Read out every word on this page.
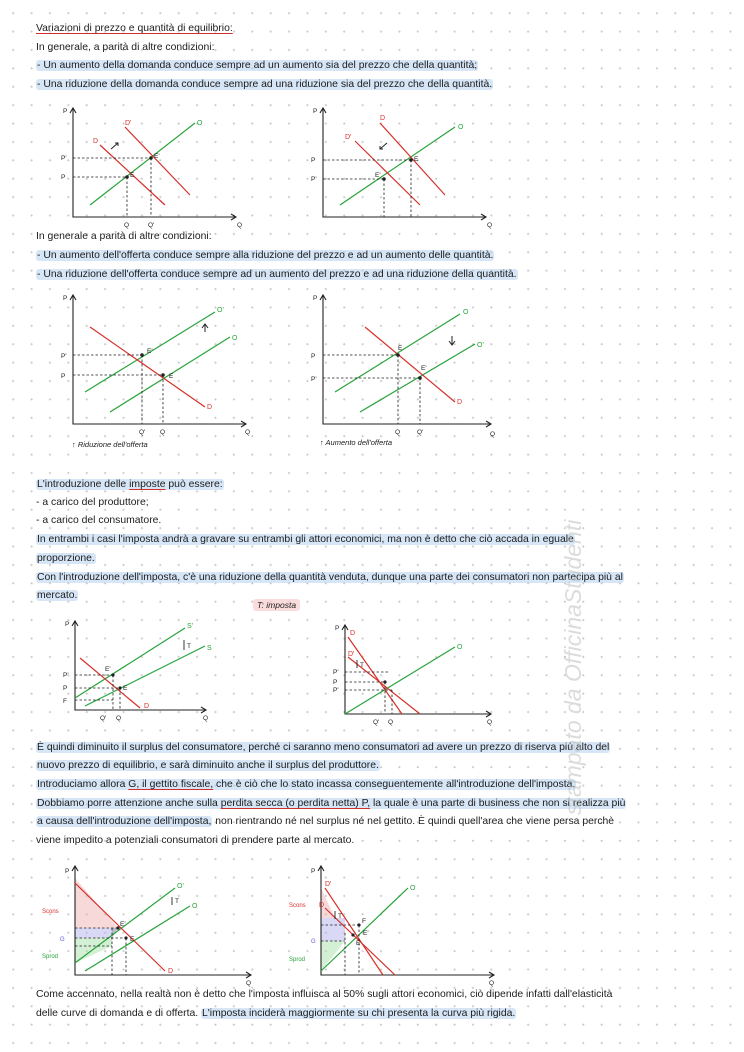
Variazioni di prezzo e quantità di equilibrio:
In generale, a parità di altre condizioni:
- Un aumento della domanda conduce sempre ad un aumento sia del prezzo che della quantità;
- Una riduzione della domanda conduce sempre ad una riduzione sia del prezzo che della quantità.
P
Q
O
D
D'
E'
E
P'
P
Q	Q'
P
Q
O
D'
D
E
E'
P
P'
In generale a parità di altre condizioni:
- Un aumento dell'offerta conduce sempre alla riduzione del prezzo e ad un aumento delle quantità.
- Una riduzione dell'offerta conduce sempre ad un aumento del prezzo e ad una riduzione della quantità.
P
Q
O'
O
D
E'
E
P'
P
Q' Q
↑ Riduzione dell'offerta
P
Q
O
O'
D
E
E'
P
P'
Q	Q'
↑ Aumento dell'offerta
L'introduzione delle imposte può essere:
- a carico del produttore;
- a carico del consumatore.
In entrambi i casi l'imposta andrà a gravare su entrambi gli attori economici, ma non è detto che ciò accada in eguale
proporzione.
Con l'introduzione dell'imposta, c'è una riduzione della quantità venduta, dunque una parte dei consumatori non partecipa più al
mercato.
T: imposta
P
Q
S'
S
D
T
E'
E
P'
P
F
Q' Q
P
Q
O
D
D'
T
P'
P
P'
Q' Q
È quindi diminuito il surplus del consumatore, perché ci saranno meno consumatori ad avere un prezzo di riserva più alto del
nuovo prezzo di equilibrio, e sarà diminuito anche il surplus del produttore.
Introduciamo allora G, il gettito fiscale, che è ciò che lo stato incassa conseguentemente all'introduzione dell'imposta.
Dobbiamo porre attenzione anche sulla perdita secca (o perdita netta) P, la quale è una parte di business che non si realizza più
a causa dell'introduzione dell'imposta, non rientrando né nel surplus né nel gettito. È quindi quell'area che viene persa perchè
viene impedito a potenziali consumatori di prendere parte al mercato.
P
Q
O'
O
D
T
E'
E
Scons
G
Sprod
P
Q
O
D'
D
T
F
E'
E
Scons
G
Sprod
Come accennato, nella realtà non è detto che l'imposta influisca al 50% sugli attori economici, ciò dipende infatti dall'elasticità
delle curve di domanda e di offerta. L'imposta inciderà maggiormente su chi presenta la curva più rigida.
stampato da OfficinaStudenti
